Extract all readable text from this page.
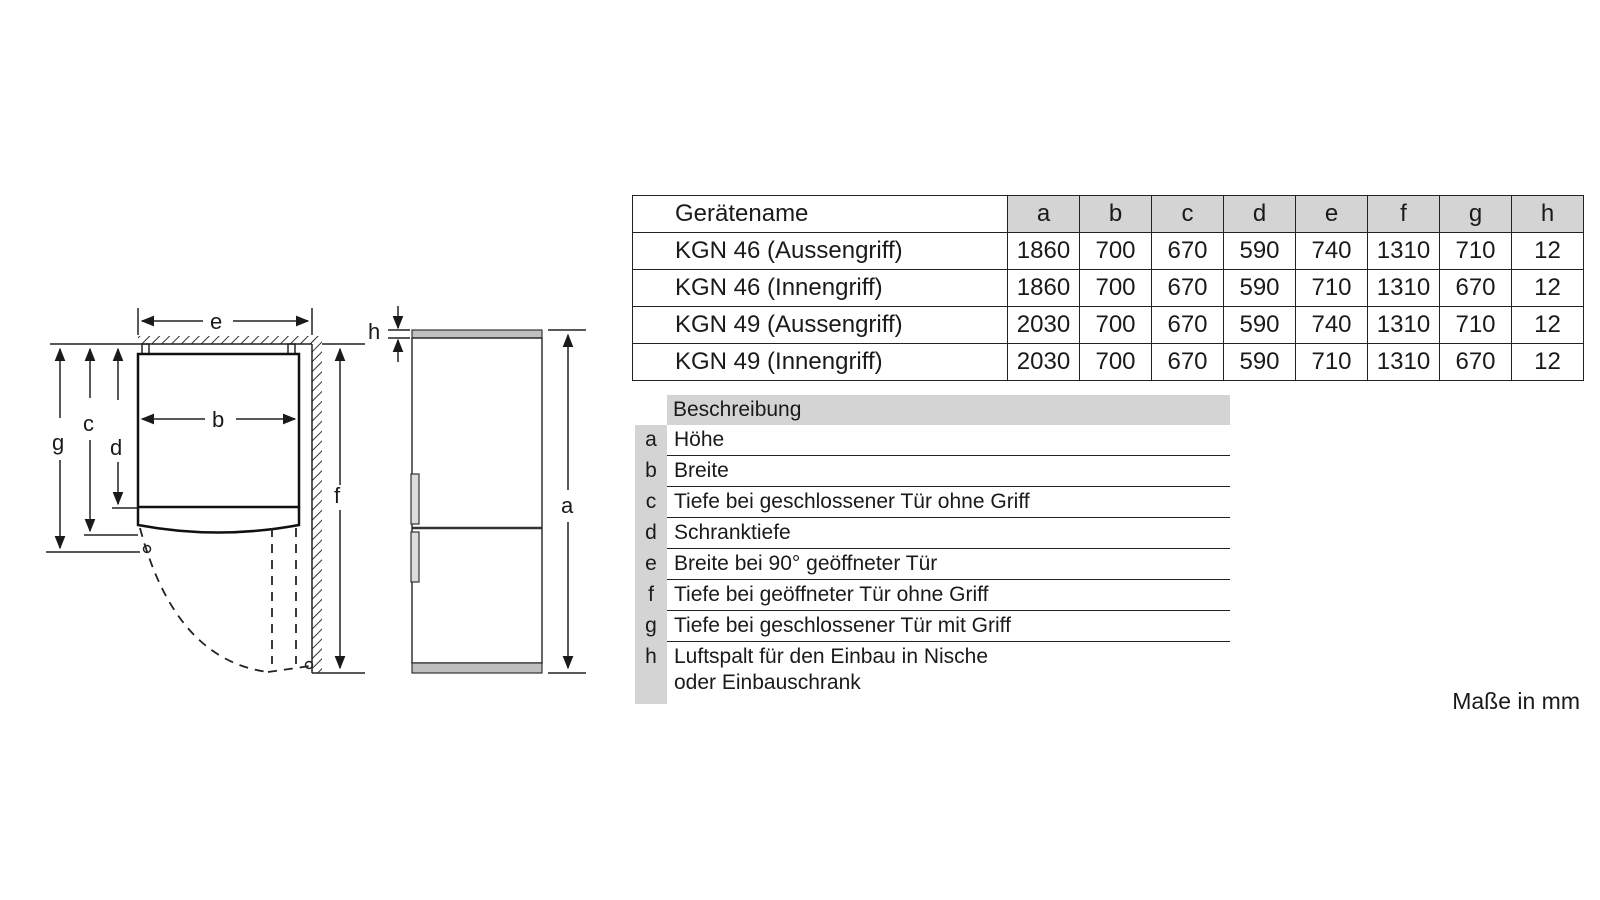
e
b
d
c
g
f
h
a
Gerätename	a	b	c	d	e	f	g	h
KGN 46 (Aussengriff)	1860	700	670	590	740	1310	710	12
KGN 46 (Innengriff)	1860	700	670	590	710	1310	670	12
KGN 49 (Aussengriff)	2030	700	670	590	740	1310	710	12
KGN 49 (Innengriff)	2030	700	670	590	710	1310	670	12
Beschreibung
a Höhe
b Breite
c Tiefe bei geschlossener Tür ohne Griff
d Schranktiefe
e Breite bei 90° geöffneter Tür
f Tiefe bei geöffneter Tür ohne Griff
g Tiefe bei geschlossener Tür mit Griff
h Luftspalt für den Einbau in Nische
oder Einbauschrank
Maße in mm
